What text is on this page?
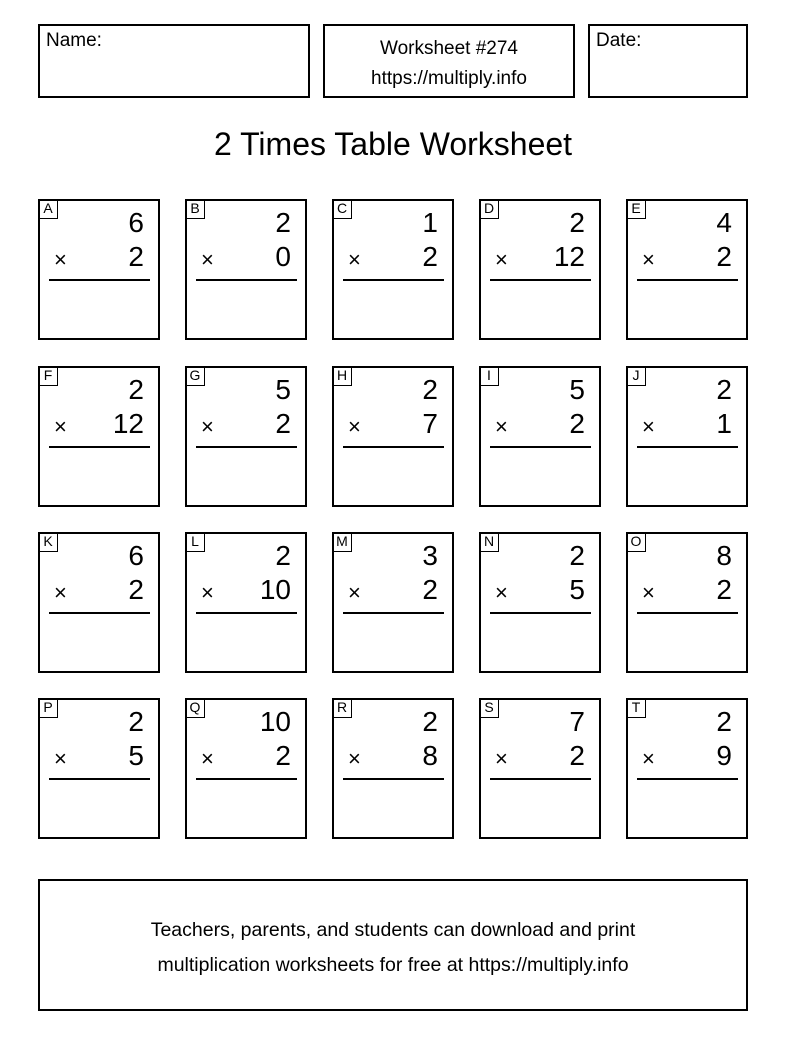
Name:	Worksheet #274
https://multiply.info
Date:
2 Times Table Worksheet
A	6
× 2
B	2
× 0
C	1
× 2
D	2
× 12
E	4
× 2
F	2
× 12
G	5
× 2
H	2
× 7
I	5
× 2
J	2
× 1
K	6
× 2
L	2
× 10
M	3
× 2
N	2
× 5
O	8
× 2
P	2
× 5
Q 10
× 2
R	2
× 8
S	7
× 2
T	2
× 9
Teachers, parents, and students can download and print
multiplication worksheets for free at https://multiply.info
